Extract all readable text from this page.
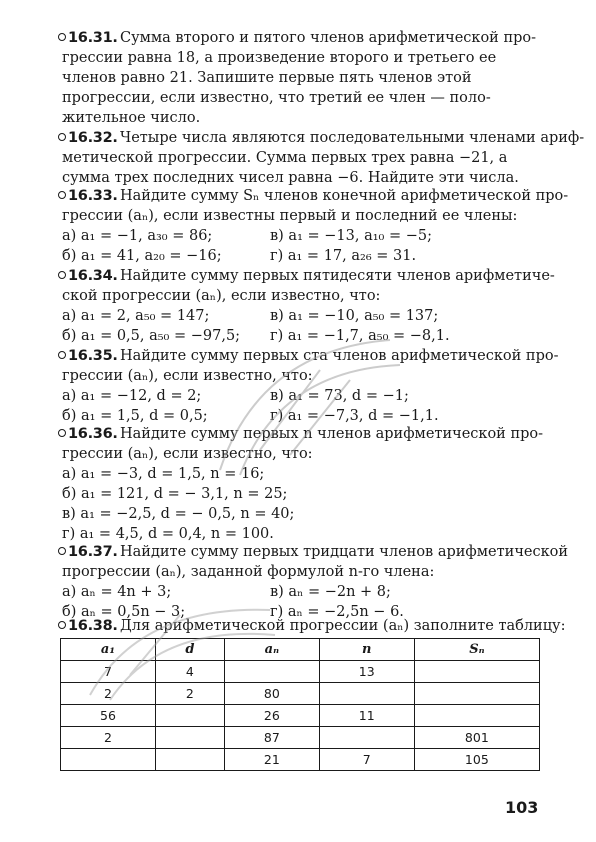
16.31. Сумма второго и пятого членов арифметической про-
грессии равна 18, а произведение второго и третьего ее
членов равно 21. Запишите первые пять членов этой
прогрессии, если известно, что третий ее член — поло-
жительное число.
16.32. Четыре числа являются последовательными членами ариф-
метической прогрессии. Сумма первых трех равна −21, а
сумма трех последних чисел равна −6. Найдите эти числа.
16.33. Найдите сумму Sₙ членов конечной арифметической про-
грессии (aₙ), если известны первый и последний ее члены:
а) a₁ = −1, a₃₀ = 86;	в) a₁ = −13, a₁₀ = −5;
б) a₁ = 41, a₂₀ = −16;	г) a₁ = 17, a₂₆ = 31.
16.34. Найдите сумму первых пятидесяти членов арифметиче-
ской прогрессии (aₙ), если известно, что:
а) a₁ = 2, a₅₀ = 147;	в) a₁ = −10, a₅₀ = 137;
б) a₁ = 0,5, a₅₀ = −97,5;	г) a₁ = −1,7, a₅₀ = −8,1.
16.35. Найдите сумму первых ста членов арифметической про-
грессии (aₙ), если известно, что:
а) a₁ = −12, d = 2;	в) a₁ = 73, d = −1;
б) a₁ = 1,5, d = 0,5;	г) a₁ = −7,3, d = −1,1.
16.36. Найдите сумму первых n членов арифметической про-
грессии (aₙ), если известно, что:
а) a₁ = −3, d = 1,5, n = 16;
б) a₁ = 121, d = − 3,1, n = 25;
в) a₁ = −2,5, d = − 0,5, n = 40;
г) a₁ = 4,5, d = 0,4, n = 100.
16.37. Найдите сумму первых тридцати членов арифметической
прогрессии (aₙ), заданной формулой n-го члена:
а) aₙ = 4n + 3;	в) aₙ = −2n + 8;
б) aₙ = 0,5n − 3;	г) aₙ = −2,5n − 6.
16.38. Для арифметической прогрессии (aₙ) заполните таблицу:
a₁	d	aₙ	n	Sₙ
7	4		13	
2	2	80		
56		26	11	
2		87		801
		21	7	105
103
